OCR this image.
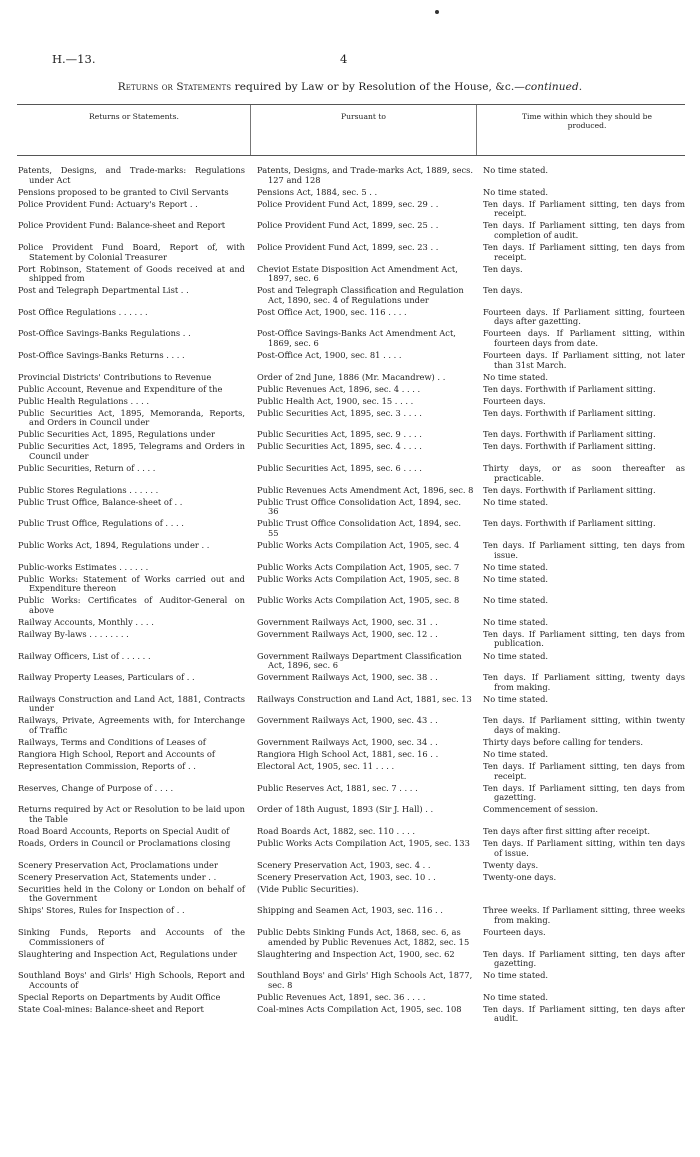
H.—13.	4
Returns or Statements required by Law or by Resolution of the House, &c.—continued.
Returns or Statements.	Pursuant to	Time within which they should be produced.
Patents, Designs, and Trade-marks: Regulations under Act	Patents, Designs, and Trade-marks Act, 1889, secs. 127 and 128	No time stated.

Pensions proposed to be granted to Civil Servants	Pensions Act, 1884, sec. 5 . .	No time stated.

Police Provident Fund: Actuary's Report . .	Police Provident Fund Act, 1899, sec. 29 . .	Ten days. If Parliament sitting, ten days from receipt.

Police Provident Fund: Balance-sheet and Report	Police Provident Fund Act, 1899, sec. 25 . .	Ten days. If Parliament sitting, ten days from completion of audit.

Police Provident Fund Board, Report of, with Statement by Colonial Treasurer	Police Provident Fund Act, 1899, sec. 23 . .	Ten days. If Parliament sitting, ten days from receipt.

Port Robinson, Statement of Goods received at and shipped from	Cheviot Estate Disposition Act Amendment Act, 1897, sec. 6	Ten days.

Post and Telegraph Departmental List . .	Post and Telegraph Classification and Regulation Act, 1890, sec. 4 of Regulations under	Ten days.

Post Office Regulations . . . . . .	Post Office Act, 1900, sec. 116 . . . .	Fourteen days. If Parliament sitting, fourteen days after gazetting.

Post-Office Savings-Banks Regulations . .	Post-Office Savings-Banks Act Amendment Act, 1869, sec. 6	Fourteen days. If Parliament sitting, within fourteen days from date.

Post-Office Savings-Banks Returns . . . .	Post-Office Act, 1900, sec. 81 . . . .	Fourteen days. If Parliament sitting, not later than 31st March.

Provincial Districts' Contributions to Revenue	Order of 2nd June, 1886 (Mr. Macandrew) . .	No time stated.

Public Account, Revenue and Expenditure of the	Public Revenues Act, 1896, sec. 4 . . . .	Ten days. Forthwith if Parliament sitting.

Public Health Regulations . . . .	Public Health Act, 1900, sec. 15 . . . .	Fourteen days.

Public Securities Act, 1895, Memoranda, Reports, and Orders in Council under	Public Securities Act, 1895, sec. 3 . . . .	Ten days. Forthwith if Parliament sitting.

Public Securities Act, 1895, Regulations under	Public Securities Act, 1895, sec. 9 . . . .	Ten days. Forthwith if Parliament sitting.

Public Securities Act, 1895, Telegrams and Orders in Council under	Public Securities Act, 1895, sec. 4 . . . .	Ten days. Forthwith if Parliament sitting.

Public Securities, Return of . . . .	Public Securities Act, 1895, sec. 6 . . . .	Thirty days, or as soon thereafter as practicable.

Public Stores Regulations . . . . . .	Public Revenues Acts Amendment Act, 1896, sec. 8	Ten days. Forthwith if Parliament sitting.

Public Trust Office, Balance-sheet of . .	Public Trust Office Consolidation Act, 1894, sec. 36	No time stated.

Public Trust Office, Regulations of . . . .	Public Trust Office Consolidation Act, 1894, sec. 55	Ten days. Forthwith if Parliament sitting.

Public Works Act, 1894, Regulations under . .	Public Works Acts Compilation Act, 1905, sec. 4	Ten days. If Parliament sitting, ten days from issue.

Public-works Estimates . . . . . .	Public Works Acts Compilation Act, 1905, sec. 7	No time stated.

Public Works: Statement of Works carried out and Expenditure thereon	Public Works Acts Compilation Act, 1905, sec. 8	No time stated.

Public Works: Certificates of Auditor-General on above	Public Works Acts Compilation Act, 1905, sec. 8	No time stated.

Railway Accounts, Monthly . . . .	Government Railways Act, 1900, sec. 31 . .	No time stated.

Railway By-laws . . . . . . . .	Government Railways Act, 1900, sec. 12 . .	Ten days. If Parliament sitting, ten days from publication.

Railway Officers, List of . . . . . .	Government Railways Department Classification Act, 1896, sec. 6	No time stated.

Railway Property Leases, Particulars of . .	Government Railways Act, 1900, sec. 38 . .	Ten days. If Parliament sitting, twenty days from making.

Railways Construction and Land Act, 1881, Contracts under	Railways Construction and Land Act, 1881, sec. 13	No time stated.

Railways, Private, Agreements with, for Interchange of Traffic	Government Railways Act, 1900, sec. 43 . .	Ten days. If Parliament sitting, within twenty days of making.

Railways, Terms and Conditions of Leases of	Government Railways Act, 1900, sec. 34 . .	Thirty days before calling for tenders.

Rangiora High School, Report and Accounts of	Rangiora High School Act, 1881, sec. 16 . .	No time stated.

Representation Commission, Reports of . .	Electoral Act, 1905, sec. 11 . . . .	Ten days. If Parliament sitting, ten days from receipt.

Reserves, Change of Purpose of . . . .	Public Reserves Act, 1881, sec. 7 . . . .	Ten days. If Parliament sitting, ten days from gazetting.

Returns required by Act or Resolution to be laid upon the Table	Order of 18th August, 1893 (Sir J. Hall) . .	Commencement of session.

Road Board Accounts, Reports on Special Audit of	Road Boards Act, 1882, sec. 110 . . . .	Ten days after first sitting after receipt.

Roads, Orders in Council or Proclamations closing	Public Works Acts Compilation Act, 1905, sec. 133	Ten days. If Parliament sitting, within ten days of issue.

Scenery Preservation Act, Proclamations under	Scenery Preservation Act, 1903, sec. 4 . .	Twenty days.

Scenery Preservation Act, Statements under . .	Scenery Preservation Act, 1903, sec. 10 . .	Twenty-one days.

Securities held in the Colony or London on behalf of the Government	(Vide Public Securities).	

Ships' Stores, Rules for Inspection of . .	Shipping and Seamen Act, 1903, sec. 116 . .	Three weeks. If Parliament sitting, three weeks from making.

Sinking Funds, Reports and Accounts of the Commissioners of	Public Debts Sinking Funds Act, 1868, sec. 6, as amended by Public Revenues Act, 1882, sec. 15	Fourteen days.

Slaughtering and Inspection Act, Regulations under	Slaughtering and Inspection Act, 1900, sec. 62	Ten days. If Parliament sitting, ten days after gazetting.

Southland Boys' and Girls' High Schools, Report and Accounts of	Southland Boys' and Girls' High Schools Act, 1877, sec. 8	No time stated.

Special Reports on Departments by Audit Office	Public Revenues Act, 1891, sec. 36 . . . .	No time stated.

State Coal-mines: Balance-sheet and Report	Coal-mines Acts Compilation Act, 1905, sec. 108	Ten days. If Parliament sitting, ten days after audit.
